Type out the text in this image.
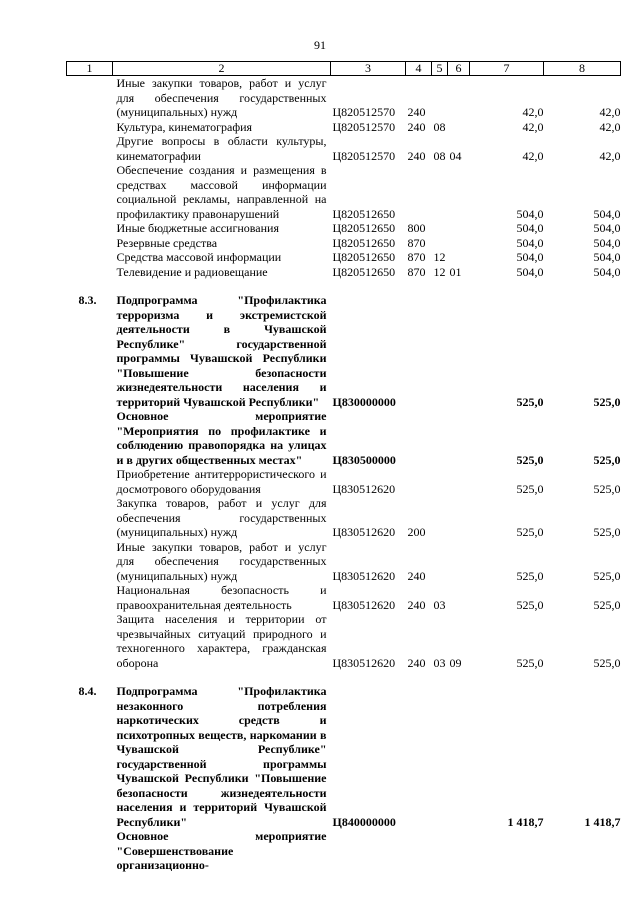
91
1	2	3	4	5	6	7	8
	Иные закупки товаров, работ и услуг для обеспечения государственных (муниципальных) нужд	Ц820512570	240			42,0	42,0
	Культура, кинематография	Ц820512570	240	08		42,0	42,0
	Другие вопросы в области культуры, кинематографии	Ц820512570	240	08	04	42,0	42,0
	Обеспечение создания и размещения в средствах массовой информации социальной рекламы, направленной на профилактику правонарушений	Ц820512650				504,0	504,0
	Иные бюджетные ассигнования	Ц820512650	800			504,0	504,0
	Резервные средства	Ц820512650	870			504,0	504,0
	Средства массовой информации	Ц820512650	870	12		504,0	504,0
	Телевидение и радиовещание	Ц820512650	870	12	01	504,0	504,0

8.3.	Подпрограмма "Профилактика терроризма и экстремистской деятельности в Чувашской Республике" государственной программы Чувашской Республики "Повышение безопасности жизнедеятельности населения и территорий Чувашской Республики"	Ц830000000				525,0	525,0
	Основное мероприятие "Мероприятия по профилактике и соблюдению правопорядка на улицах и в других общественных местах"	Ц830500000				525,0	525,0
	Приобретение антитеррористического и досмотрового оборудования	Ц830512620				525,0	525,0
	Закупка товаров, работ и услуг для обеспечения государственных (муниципальных) нужд	Ц830512620	200			525,0	525,0
	Иные закупки товаров, работ и услуг для обеспечения государственных (муниципальных) нужд	Ц830512620	240			525,0	525,0
	Национальная безопасность и правоохранительная деятельность	Ц830512620	240	03		525,0	525,0
	Защита населения и территории от чрезвычайных ситуаций природного и техногенного характера, гражданская оборона	Ц830512620	240	03	09	525,0	525,0

8.4.	Подпрограмма "Профилактика незаконного потребления наркотических средств и психотропных веществ, наркомании в Чувашской Республике" государственной программы Чувашской Республики "Повышение безопасности жизнедеятельности населения и территорий Чувашской Республики"	Ц840000000				1 418,7	1 418,7
	Основное мероприятие "Совершенствование организационно-						
